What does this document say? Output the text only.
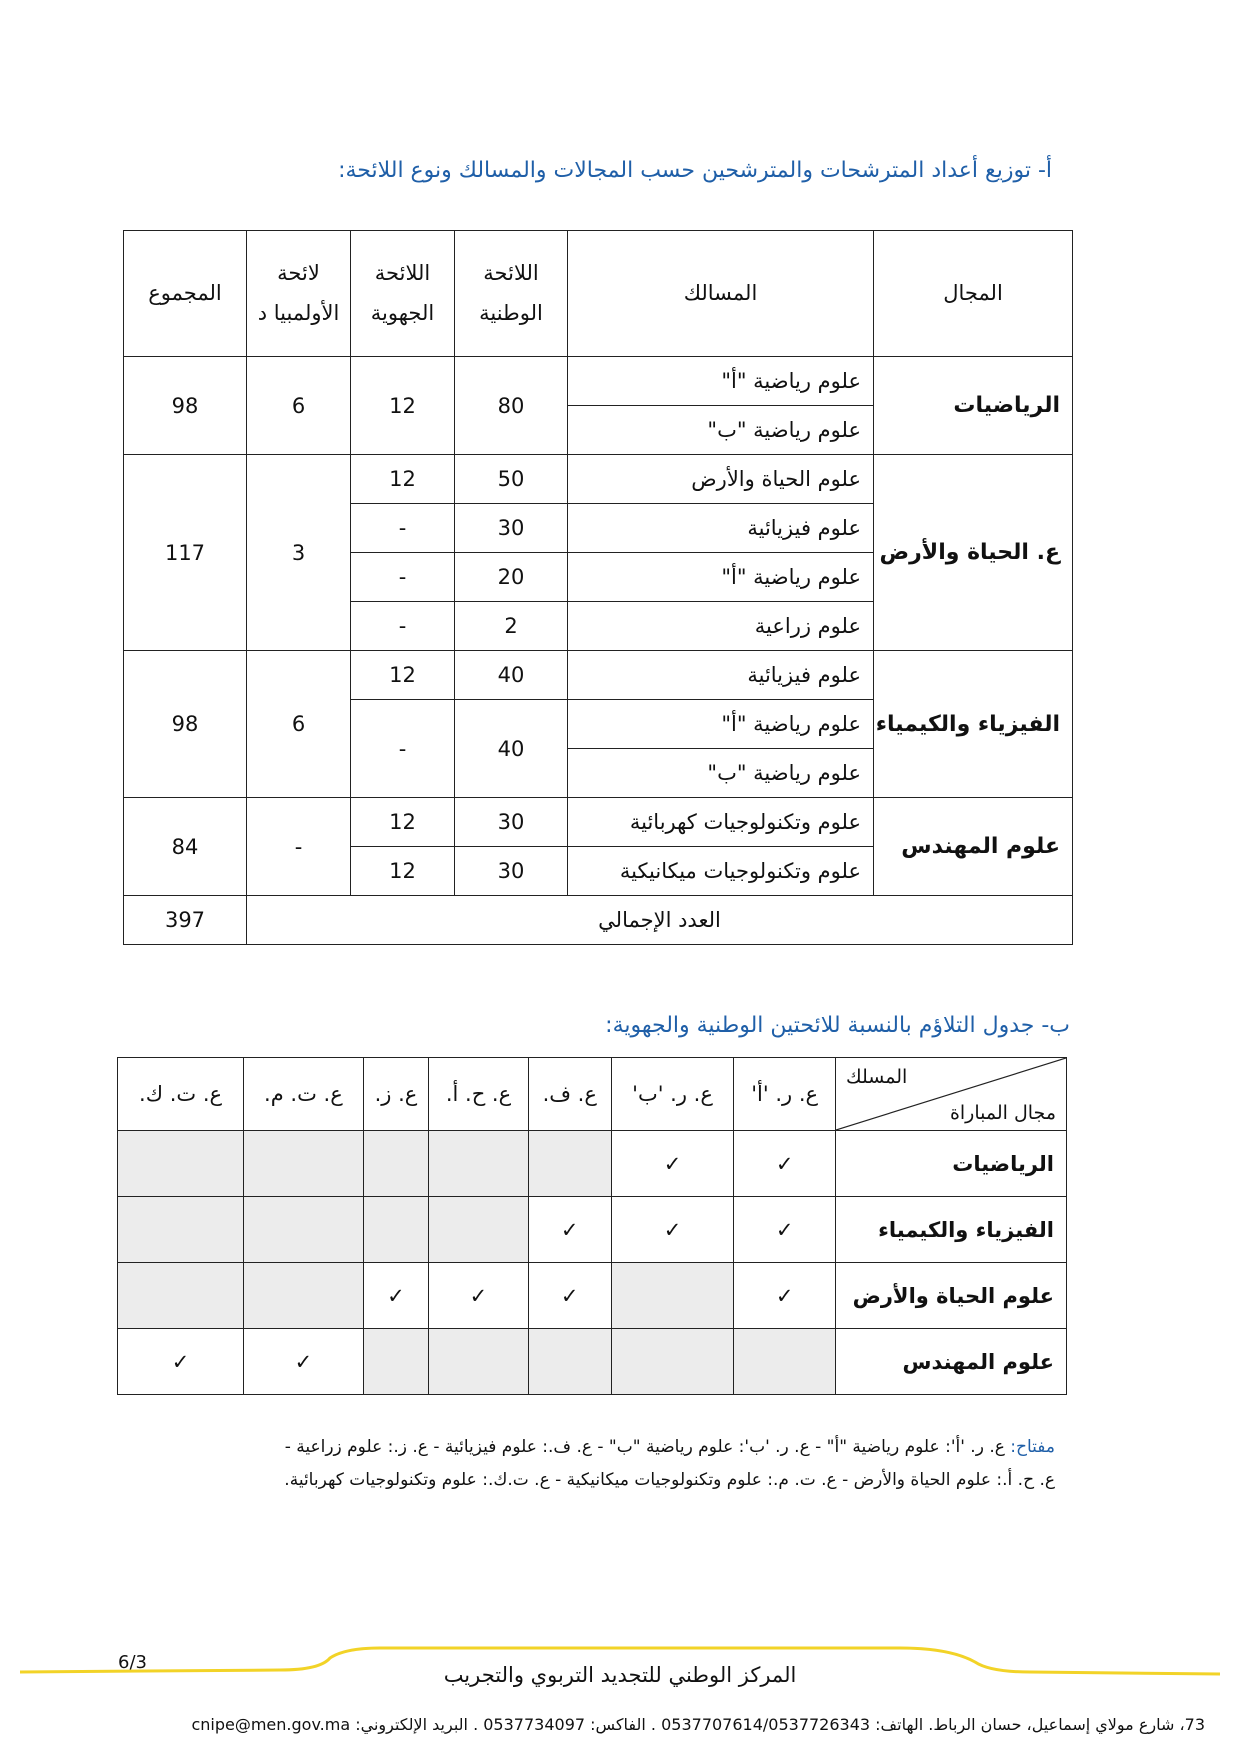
أ- توزيع أعداد المترشحات والمترشحين حسب المجالات والمسالك ونوع اللائحة:
المجال	المسالك	اللائحة الوطنية	اللائحة الجهوية	لائحة الأولمبيا د	المجموع
الرياضيات	علوم رياضية "أ"	80	12	6	98
	علوم رياضية "ب"				
ع. الحياة والأرض	علوم الحياة والأرض	50	12	3	117
	علوم فيزيائية	30	-		
	علوم رياضية "أ"	20	-		
	علوم زراعية	2	-		
الفيزياء والكيمياء	علوم فيزيائية	40	12	6	98
	علوم رياضية "أ"	40	-		
	علوم رياضية "ب"				
علوم المهندس	علوم وتكنولوجيات كهربائية	30	12	-	84
	علوم وتكنولوجيات ميكانيكية	30	12		
العدد الإجمالي					397
ب- جدول التلاؤم بالنسبة للائحتين الوطنية والجهوية:
المسلك
مجال المباراة	ع. ر. 'أ'	ع. ر. 'ب'	ع. ف.	ع. ح. أ.	ع. ز.	ع. ت. م.	ع. ت. ك.
الرياضيات	✓	✓					
الفيزياء والكيمياء	✓	✓	✓				
علوم الحياة والأرض	✓		✓	✓	✓		
علوم المهندس						✓	✓
مفتاح: ع. ر. 'أ': علوم رياضية "أ" - ع. ر. 'ب': علوم رياضية "ب" - ع. ف.: علوم فيزيائية - ع. ز.: علوم زراعية -
ع. ح. أ.: علوم الحياة والأرض - ع. ت. م.: علوم وتكنولوجيات ميكانيكية - ع. ت.ك.: علوم وتكنولوجيات كهربائية.
6/3
المركز الوطني للتجديد التربوي والتجريب
73، شارع مولاي إسماعيل، حسان الرباط. الهاتف: 0537707614/0537726343 . الفاكس: 0537734097 . البريد الإلكتروني: cnipe@men.gov.ma
